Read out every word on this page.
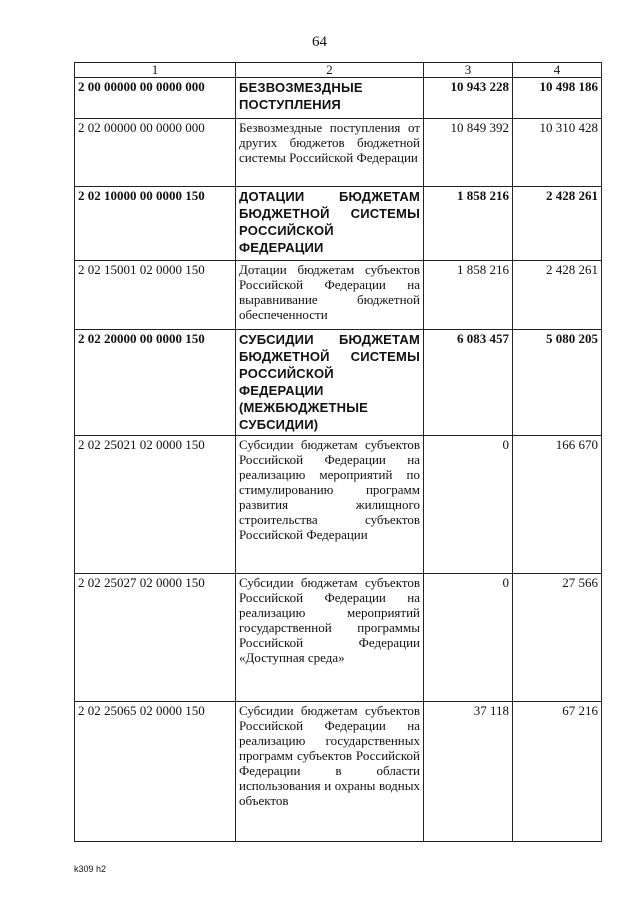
64
1	2	3	4
2 00 00000 00 0000 000	БЕЗВОЗМЕЗДНЫЕ ПОСТУПЛЕНИЯ	10 943 228	10 498 186
2 02 00000 00 0000 000	Безвозмездные поступления от других бюджетов бюджетной системы Российской Федерации	10 849 392	10 310 428
2 02 10000 00 0000 150	ДОТАЦИИ БЮДЖЕТАМ БЮДЖЕТНОЙ СИСТЕМЫ РОССИЙСКОЙ ФЕДЕРАЦИИ	1 858 216	2 428 261
2 02 15001 02 0000 150	Дотации бюджетам субъектов Российской Федерации на выравнивание бюджетной обеспеченности	1 858 216	2 428 261
2 02 20000 00 0000 150	СУБСИДИИ БЮДЖЕТАМ БЮДЖЕТНОЙ СИСТЕМЫ РОССИЙСКОЙ ФЕДЕРАЦИИ (МЕЖБЮДЖЕТНЫЕ СУБСИДИИ)	6 083 457	5 080 205
2 02 25021 02 0000 150	Субсидии бюджетам субъектов Российской Федерации на реализацию мероприятий по стимулированию программ развития жилищного строительства субъектов Российской Федерации	0	166 670
2 02 25027 02 0000 150	Субсидии бюджетам субъектов Российской Федерации на реализацию мероприятий государственной программы Российской Федерации «Доступная среда»	0	27 566
2 02 25065 02 0000 150	Субсидии бюджетам субъектов Российской Федерации на реализацию государственных программ субъектов Российской Федерации в области использования и охраны водных объектов	37 118	67 216
k309 h2
